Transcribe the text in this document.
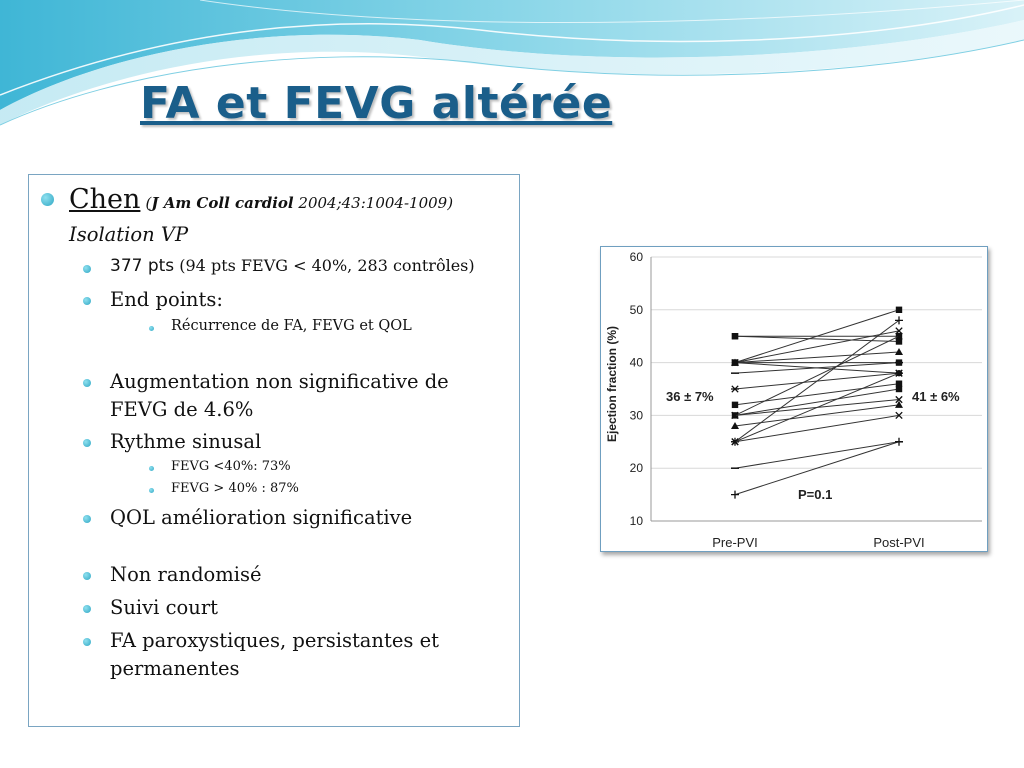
FA et FEVG altérée
Chen (J Am Coll cardiol 2004;43:1004-1009)
Isolation VP
377 pts (94 pts FEVG < 40%, 283 contrôles)
End points:
Récurrence de FA, FEVG et QOL
Augmentation non significative de
FEVG de 4.6%
Rythme sinusal
FEVG <40%: 73%
FEVG > 40% : 87%
QOL amélioration significative
Non randomisé
Suivi court
FA paroxystiques, persistantes et
permanentes
Ejection fraction (%)
10
20
30
40
50
60
Pre-PVI	Post-PVI
36 ± 7%	41 ± 6%
P=0.1
